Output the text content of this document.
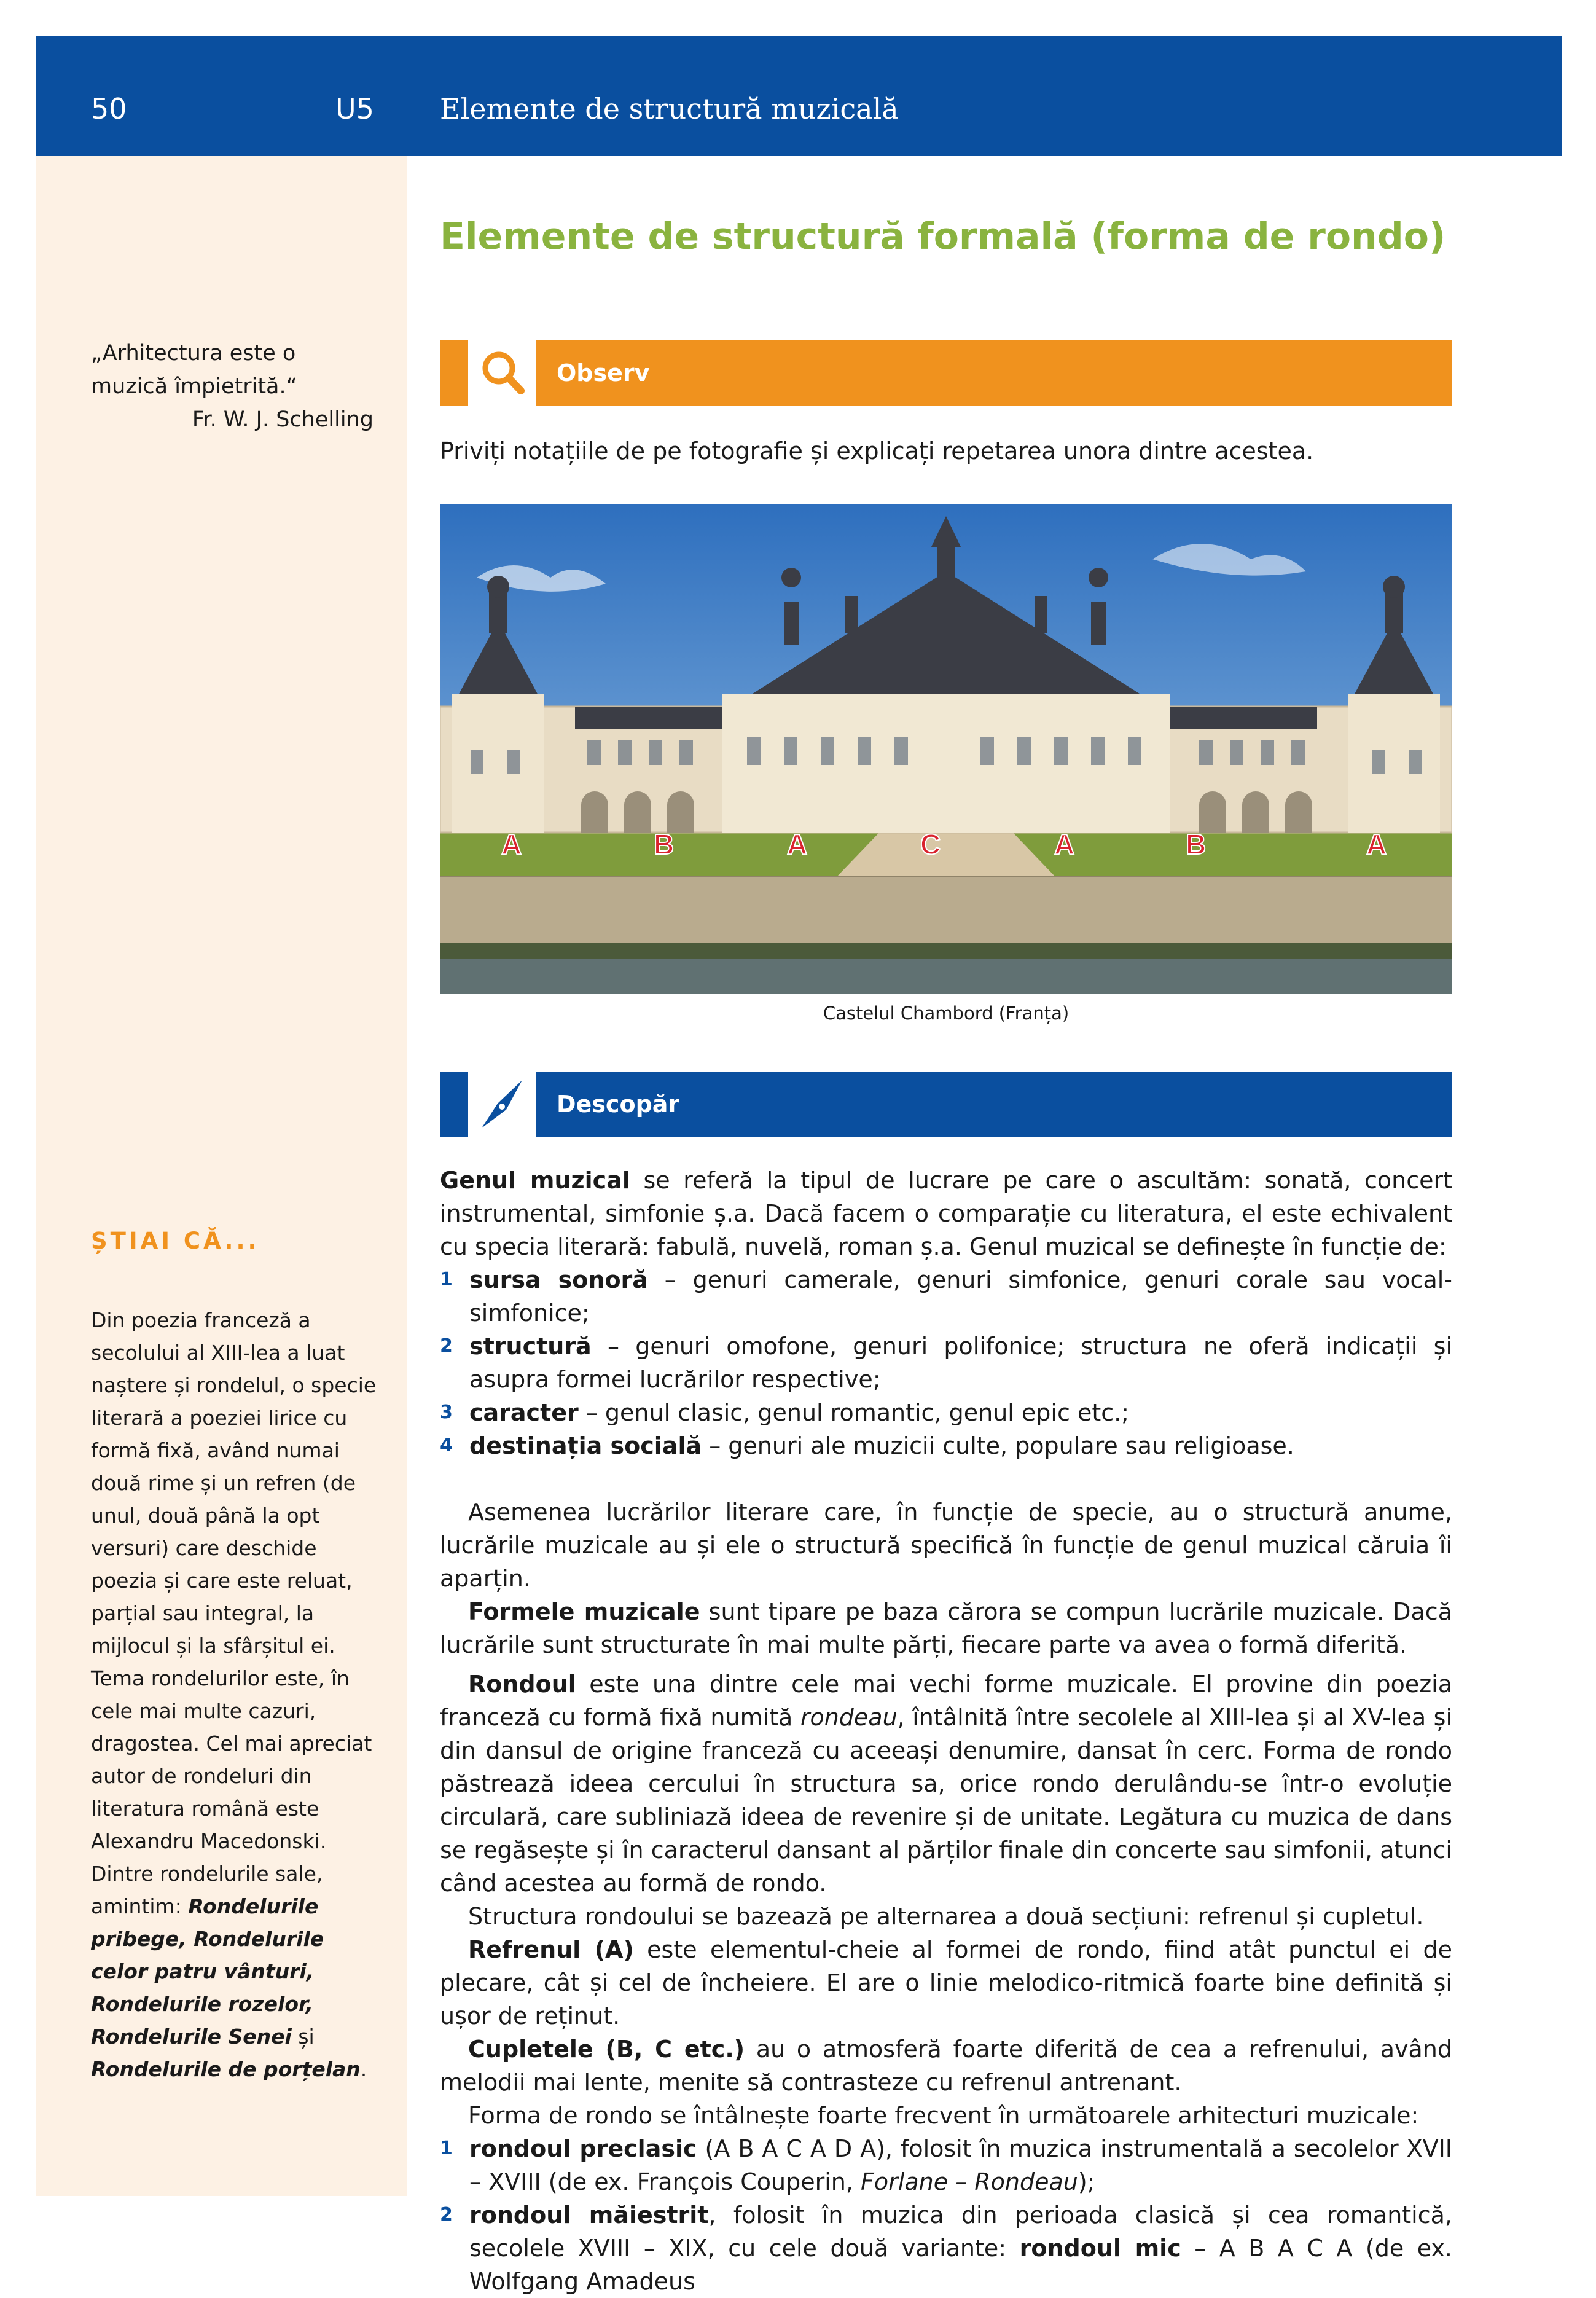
50	U5 Elemente de structură muzicală
„Arhitectura este o muzică împietrită.“
Fr. W. J. Schelling
ȘTIAI CĂ...
Din poezia franceză a secolului al XIII-lea a luat naștere și rondelul, o specie literară a poeziei lirice cu formă fixă, având numai două rime și un refren (de unul, două până la opt versuri) care deschide poezia și care este reluat, parțial sau integral, la mijlocul și la sfârșitul ei. Tema rondelurilor este, în cele mai multe cazuri, dragostea. Cel mai apreciat autor de rondeluri din literatura română este Alexandru Macedonski. Dintre rondelurile sale, amintim: Rondelurile pribege, Rondelurile celor patru vânturi, Rondelurile rozelor, Rondelurile Senei și Rondelurile de porțelan.
Elemente de structură formală (forma de rondo)
Observ
Priviți notațiile de pe fotografie și explicați repetarea unora dintre acestea.
A	B	A	C	A	B	A
Castelul Chambord (Franța)
Descopăr

Genul muzical se referă la tipul de lucrare pe care o ascultăm: sonată, concert instrumental, simfonie ș.a. Dacă facem o comparație cu literatura, el este echivalent cu specia literară: fabulă, nuvelă, roman ș.a. Genul muzical se definește în funcție de:

1 sursa sonoră – genuri camerale, genuri simfonice, genuri corale sau vocal-simfonice;
2 structură – genuri omofone, genuri polifonice; structura ne oferă indicații și asupra formei lucrărilor respective;
3 caracter – genul clasic, genul romantic, genul epic etc.;
4 destinația socială – genuri ale muzicii culte, populare sau religioase.

Asemenea lucrărilor literare care, în funcție de specie, au o structură anume, lucrările muzicale au și ele o structură specifică în funcție de genul muzical căruia îi aparțin.

Formele muzicale sunt tipare pe baza cărora se compun lucrările muzicale. Dacă lucrările sunt structurate în mai multe părți, fiecare parte va avea o formă diferită.

Rondoul este una dintre cele mai vechi forme muzicale. El provine din poezia franceză cu formă fixă numită rondeau, întâlnită între secolele al XIII-lea și al XV-lea și din dansul de origine franceză cu aceeași denumire, dansat în cerc. Forma de rondo păstrează ideea cercului în structura sa, orice rondo derulându-se într-o evoluție circulară, care subliniază ideea de revenire și de unitate. Legătura cu muzica de dans se regăsește și în caracterul dansant al părților finale din concerte sau simfonii, atunci când acestea au formă de rondo.

Structura rondoului se bazează pe alternarea a două secțiuni: refrenul și cupletul.

Refrenul (A) este elementul-cheie al formei de rondo, fiind atât punctul ei de plecare, cât și cel de încheiere. El are o linie melodico-ritmică foarte bine definită și ușor de reținut.

Cupletele (B, C etc.) au o atmosferă foarte diferită de cea a refrenului, având melodii mai lente, menite să contrasteze cu refrenul antrenant.

Forma de rondo se întâlnește foarte frecvent în următoarele arhitecturi muzicale:

1 rondoul preclasic (A B A C A D A), folosit în muzica instrumentală a secolelor XVII – XVIII (de ex. François Couperin, Forlane – Rondeau);
2 rondoul măiestrit, folosit în muzica din perioada clasică și cea romantică, secolele XVIII – XIX, cu cele două variante: rondoul mic – A B A C A (de ex. Wolfgang Amadeus
